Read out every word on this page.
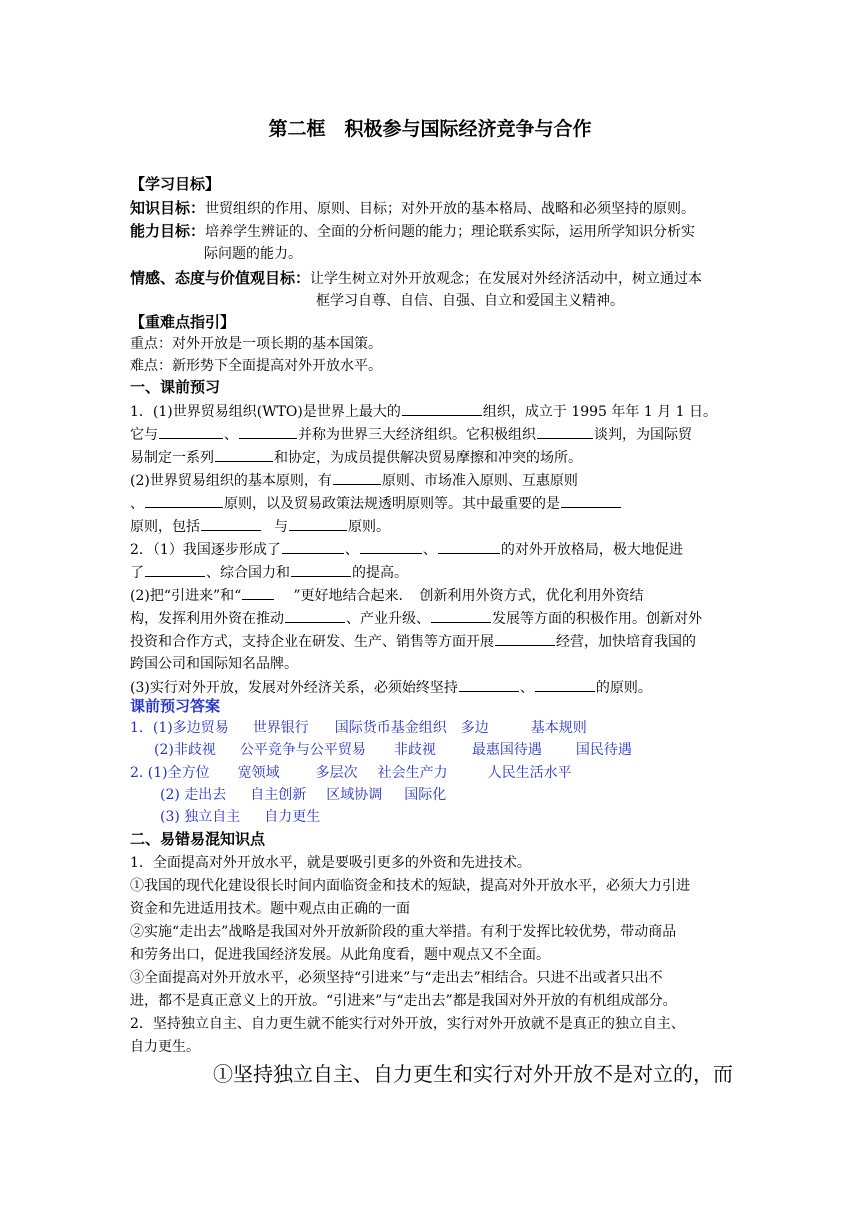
第二框　积极参与国际经济竞争与合作
【学习目标】
知识目标：世贸组织的作用、原则、目标；对外开放的基本格局、战略和必须坚持的原则。
能力目标：培养学生辨证的、全面的分析问题的能力；理论联系实际，运用所学知识分析实
际问题的能力。
情感、态度与价值观目标：让学生树立对外开放观念；在发展对外经济活动中，树立通过本
框学习自尊、自信、自强、自立和爱国主义精神。
【重难点指引】
重点：对外开放是一项长期的基本国策。
难点：新形势下全面提高对外开放水平。
一、课前预习
1．(1)世界贸易组织(WTO)是世界上最大的	组织，成立于 1995 年年 1 月 1 日。
它与	、	并称为世界三大经济组织。它积极组织	谈判，为国际贸
易制定一系列	和协定，为成员提供解决贸易摩擦和冲突的场所。
(2)世界贸易组织的基本原则，有	原则、市场准入原则、互惠原则
、	原则，以及贸易政策法规透明原则等。其中最重要的是
原则，包括	与	原则。
2．（1）我国逐步形成了	、	、	的对外开放格局，极大地促进
了	、综合国力和	的提高。
(2)把“引进来”和“	”更好地结合起来．　创新利用外资方式，优化利用外资结
构，发挥利用外资在推动	、产业升级、	发展等方面的积极作用。创新对外
投资和合作方式，支持企业在研发、生产、销售等方面开展	经营，加快培育我国的
跨国公司和国际知名品牌。
(3)实行对外开放，发展对外经济关系，必须始终坚持	、	的原则。
课前预习答案
1．(1)多边贸易 世界银行 国际货币基金组织 多边	基本规则
(2)非歧视 公平竞争与公平贸易 非歧视	最惠国待遇 国民待遇
2. (1)全方位 宽领域	多层次 社会生产力	人民生活水平
(2) 走出去 自主创新 区域协调 国际化
(3) 独立自主 自力更生
二、易错易混知识点
1．全面提高对外开放水平，就是要吸引更多的外资和先进技术。
①我国的现代化建设很长时间内面临资金和技术的短缺，提高对外开放水平，必须大力引进
资金和先进适用技术。题中观点由正确的一面
②实施“走出去”战略是我国对外开放新阶段的重大举措。有利于发挥比较优势，带动商品
和劳务出口，促进我国经济发展。从此角度看，题中观点又不全面。
③全面提高对外开放水平，必须坚持“引进来”与“走出去”相结合。只进不出或者只出不
进，都不是真正意义上的开放。“引进来”与“走出去”都是我国对外开放的有机组成部分。
2．坚持独立自主、自力更生就不能实行对外开放，实行对外开放就不是真正的独立自主、
自力更生。
①坚持独立自主、自力更生和实行对外开放不是对立的，而
